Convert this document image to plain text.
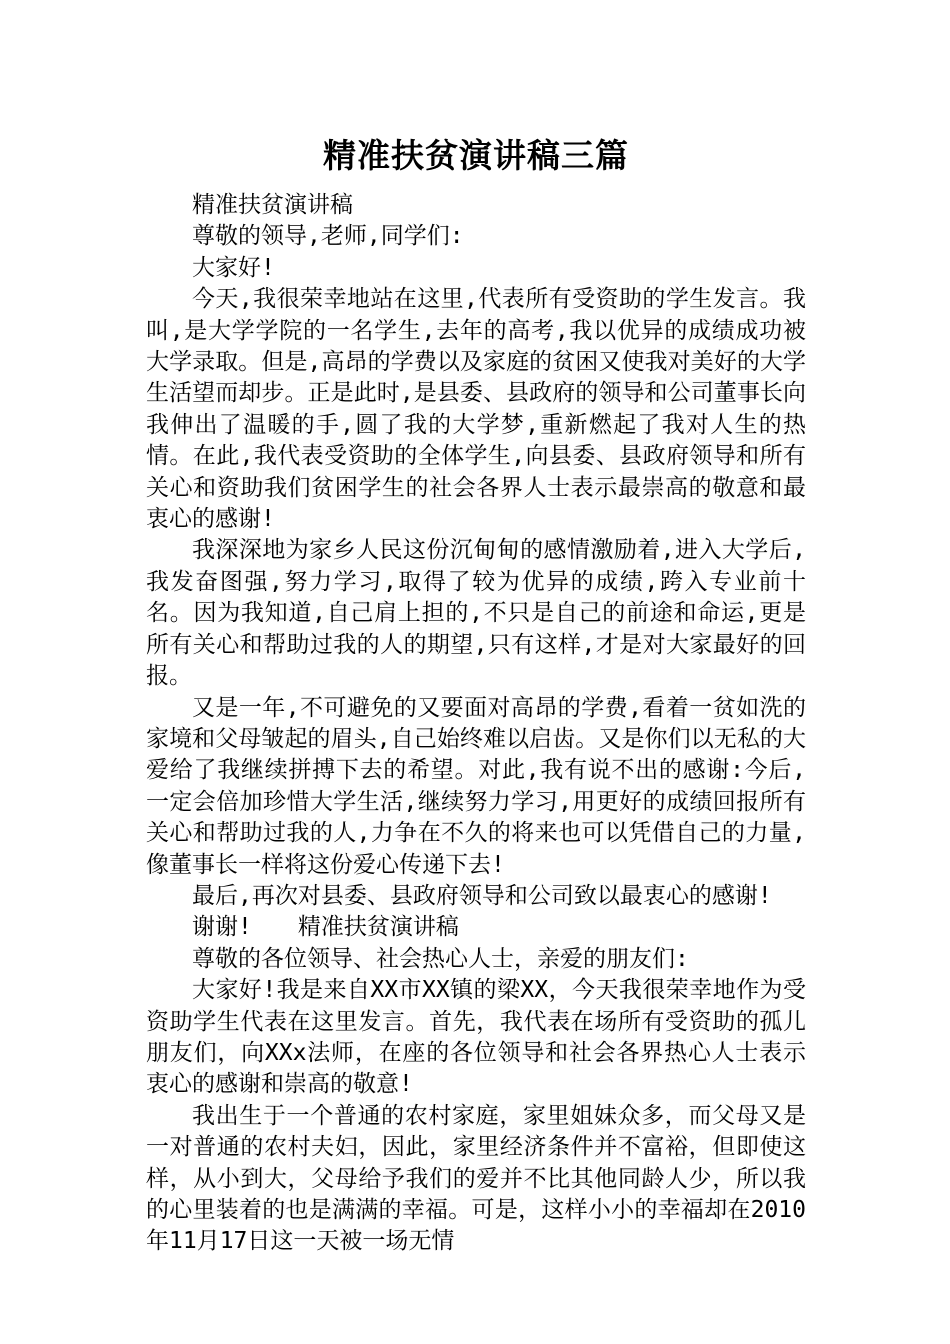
精准扶贫演讲稿三篇

精准扶贫演讲稿

尊敬的领导,老师,同学们:

大家好!

今天,我很荣幸地站在这里,代表所有受资助的学生发言。我叫,是大学学院的一名学生,去年的高考,我以优异的成绩成功被大学录取。但是,高昂的学费以及家庭的贫困又使我对美好的大学生活望而却步。正是此时,是县委、县政府的领导和公司董事长向我伸出了温暖的手,圆了我的大学梦,重新燃起了我对人生的热情。在此,我代表受资助的全体学生,向县委、县政府领导和所有关心和资助我们贫困学生的社会各界人士表示最崇高的敬意和最衷心的感谢!

我深深地为家乡人民这份沉甸甸的感情激励着,进入大学后,我发奋图强,努力学习,取得了较为优异的成绩,跨入专业前十名。因为我知道,自己肩上担的,不只是自己的前途和命运,更是所有关心和帮助过我的人的期望,只有这样,才是对大家最好的回报。

又是一年,不可避免的又要面对高昂的学费,看着一贫如洗的家境和父母皱起的眉头,自己始终难以启齿。又是你们以无私的大爱给了我继续拼搏下去的希望。对此,我有说不出的感谢:今后,一定会倍加珍惜大学生活,继续努力学习,用更好的成绩回报所有关心和帮助过我的人,力争在不久的将来也可以凭借自己的力量,像董事长一样将这份爱心传递下去!

最后,再次对县委、县政府领导和公司致以最衷心的感谢!

谢谢!　　精准扶贫演讲稿

尊敬的各位领导、社会热心人士，亲爱的朋友们:

大家好!我是来自XX市XX镇的梁XX，今天我很荣幸地作为受资助学生代表在这里发言。首先，我代表在场所有受资助的孤儿朋友们，向XXx法师，在座的各位领导和社会各界热心人士表示衷心的感谢和崇高的敬意!

我出生于一个普通的农村家庭，家里姐妹众多，而父母又是一对普通的农村夫妇，因此，家里经济条件并不富裕，但即使这样，从小到大，父母给予我们的爱并不比其他同龄人少，所以我的心里装着的也是满满的幸福。可是，这样小小的幸福却在2010年11月17日这一天被一场无情
